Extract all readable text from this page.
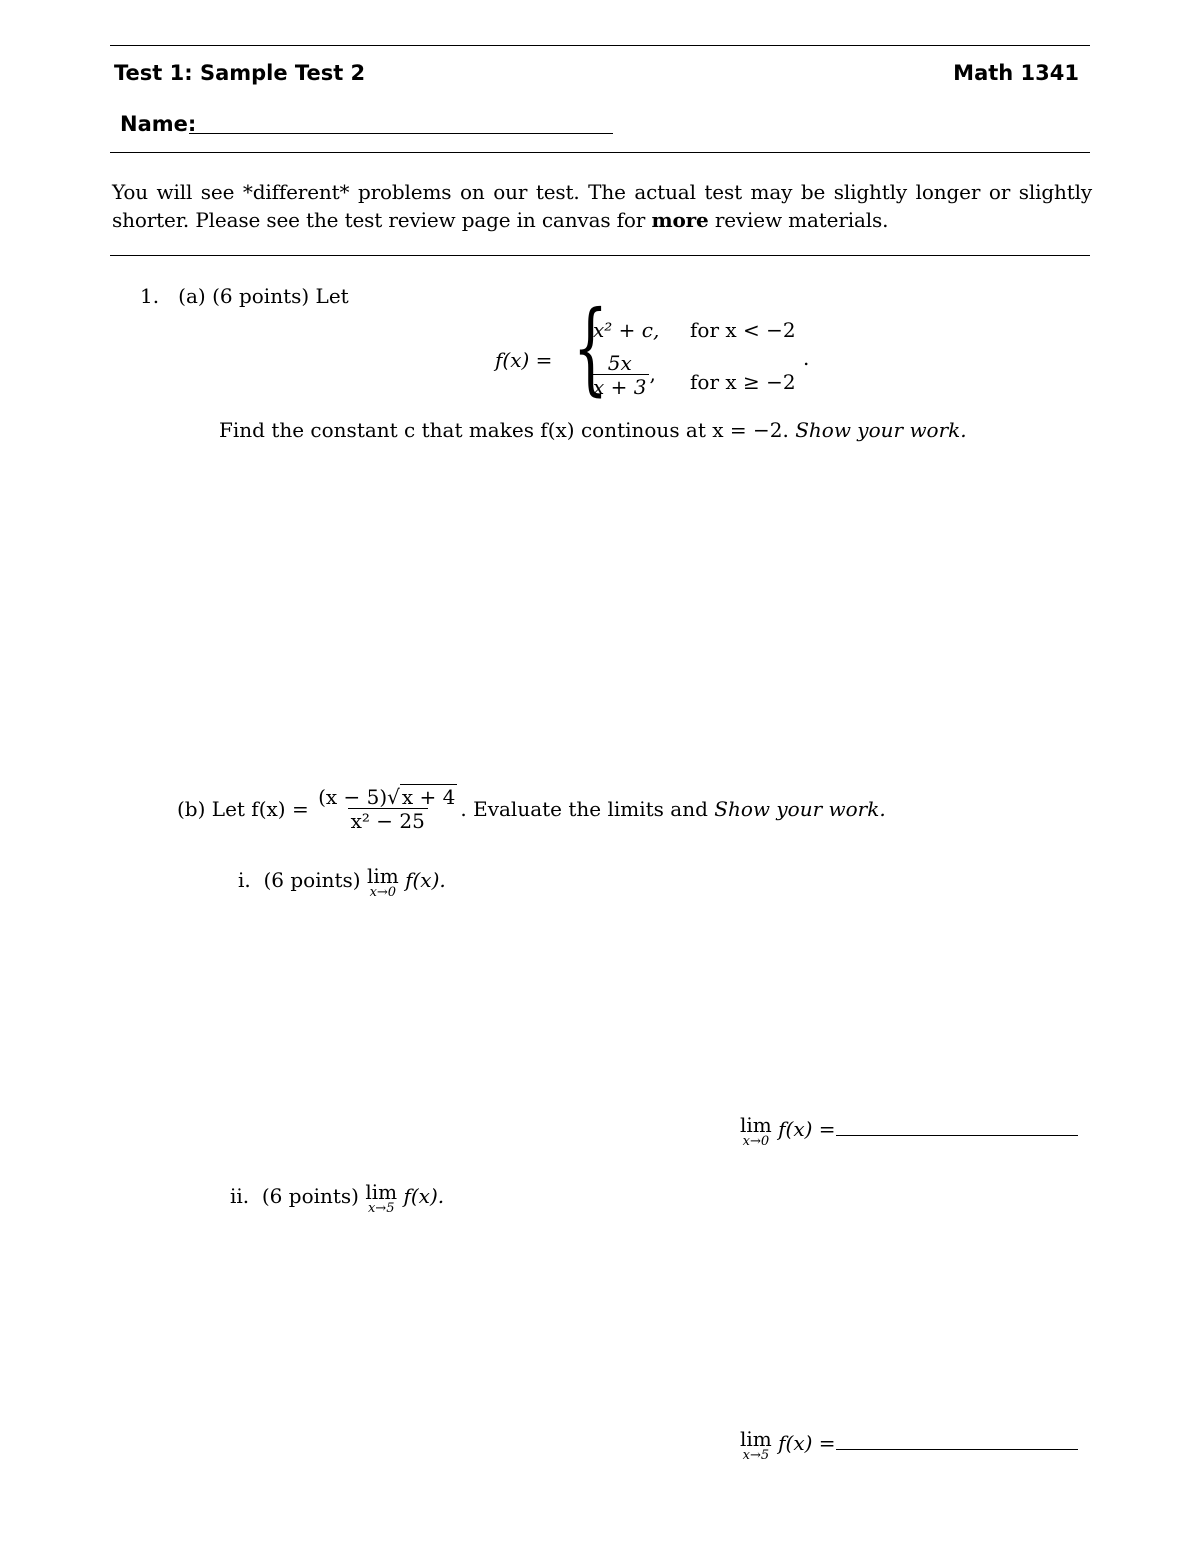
Test 1: Sample Test 2	Math 1341
Name:
You will see *different* problems on our test. The actual test may be slightly longer or slightly
shorter. Please see the test review page in canvas for more review materials.
1. (a) (6 points) Let
f(x) = {
x² + c, for x < −2
$\frac{5x}{x + 3}$ , for x ≥ −2
.
Find the constant c that makes f(x) continous at x = −2. Show your work.
(b)
Let f(x) =
$\frac{(x - 5)√ x + 4}{\text{x² − 25}}$ . Evaluate the limits and
Show your work.
i. (6 points) lim
x→0
f(x).
lim
x→0

f(x) =
ii. (6 points) lim
x→5
f(x).
lim
x→5

f(x) =
